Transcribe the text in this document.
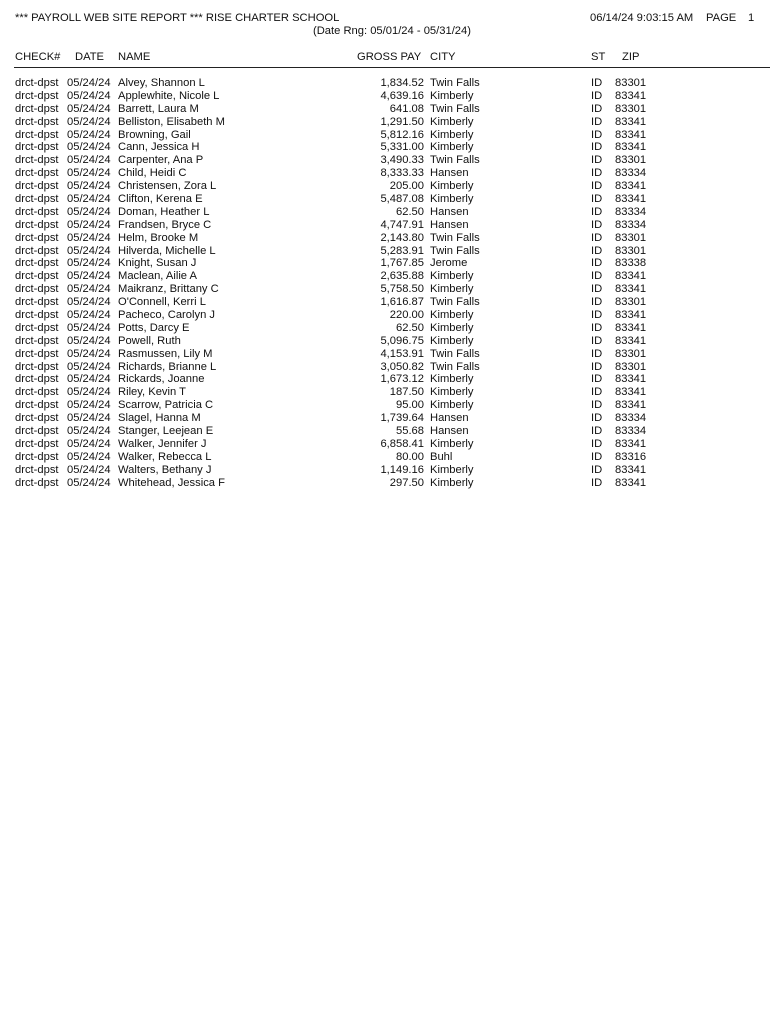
*** PAYROLL WEB SITE REPORT *** RISE CHARTER SCHOOL
(Date Rng: 05/01/24 - 05/31/24)
06/14/24 9:03:15 AM PAGE 1
CHECK# DATE NAME	GROSS PAY CITY	ST ZIP
drct-dpst 05/24/24 Alvey, Shannon L	1,834.52 Twin Falls	ID 83301
drct-dpst 05/24/24 Applewhite, Nicole L	4,639.16 Kimberly	ID 83341
drct-dpst 05/24/24 Barrett, Laura M	641.08 Twin Falls	ID 83301
drct-dpst 05/24/24 Belliston, Elisabeth M	1,291.50 Kimberly	ID 83341
drct-dpst 05/24/24 Browning, Gail	5,812.16 Kimberly	ID 83341
drct-dpst 05/24/24 Cann, Jessica H	5,331.00 Kimberly	ID 83341
drct-dpst 05/24/24 Carpenter, Ana P	3,490.33 Twin Falls	ID 83301
drct-dpst 05/24/24 Child, Heidi C	8,333.33 Hansen	ID 83334
drct-dpst 05/24/24 Christensen, Zora L	205.00 Kimberly	ID 83341
drct-dpst 05/24/24 Clifton, Kerena E	5,487.08 Kimberly	ID 83341
drct-dpst 05/24/24 Doman, Heather L	62.50 Hansen	ID 83334
drct-dpst 05/24/24 Frandsen, Bryce C	4,747.91 Hansen	ID 83334
drct-dpst 05/24/24 Helm, Brooke M	2,143.80 Twin Falls	ID 83301
drct-dpst 05/24/24 Hilverda, Michelle L	5,283.91 Twin Falls	ID 83301
drct-dpst 05/24/24 Knight, Susan J	1,767.85 Jerome	ID 83338
drct-dpst 05/24/24 Maclean, Ailie A	2,635.88 Kimberly	ID 83341
drct-dpst 05/24/24 Maikranz, Brittany C	5,758.50 Kimberly	ID 83341
drct-dpst 05/24/24 O'Connell, Kerri L	1,616.87 Twin Falls	ID 83301
drct-dpst 05/24/24 Pacheco, Carolyn J	220.00 Kimberly	ID 83341
drct-dpst 05/24/24 Potts, Darcy E	62.50 Kimberly	ID 83341
drct-dpst 05/24/24 Powell, Ruth	5,096.75 Kimberly	ID 83341
drct-dpst 05/24/24 Rasmussen, Lily M	4,153.91 Twin Falls	ID 83301
drct-dpst 05/24/24 Richards, Brianne L	3,050.82 Twin Falls	ID 83301
drct-dpst 05/24/24 Rickards, Joanne	1,673.12 Kimberly	ID 83341
drct-dpst 05/24/24 Riley, Kevin T	187.50 Kimberly	ID 83341
drct-dpst 05/24/24 Scarrow, Patricia C	95.00 Kimberly	ID 83341
drct-dpst 05/24/24 Slagel, Hanna M	1,739.64 Hansen	ID 83334
drct-dpst 05/24/24 Stanger, Leejean E	55.68 Hansen	ID 83334
drct-dpst 05/24/24 Walker, Jennifer J	6,858.41 Kimberly	ID 83341
drct-dpst 05/24/24 Walker, Rebecca L	80.00 Buhl	ID 83316
drct-dpst 05/24/24 Walters, Bethany J	1,149.16 Kimberly	ID 83341
drct-dpst 05/24/24 Whitehead, Jessica F	297.50 Kimberly	ID 83341
